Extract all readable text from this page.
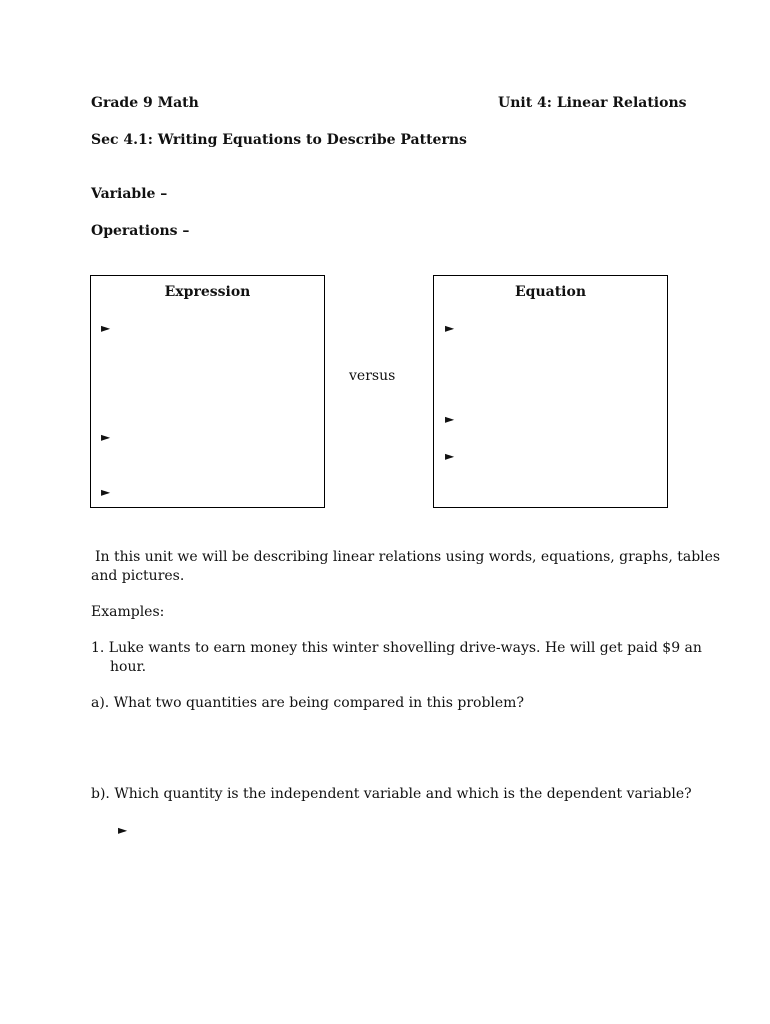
Grade 9 Math	Unit 4: Linear Relations
Sec 4.1: Writing Equations to Describe Patterns
Variable –
Operations –
Expression
►
►
►
versus
Equation
►
►
►
In this unit we will be describing linear relations using words, equations, graphs, tables
and pictures.
Examples:
1. Luke wants to earn money this winter shovelling drive-ways. He will get paid $9 an
hour.
a). What two quantities are being compared in this problem?
b). Which quantity is the independent variable and which is the dependent variable?
►
